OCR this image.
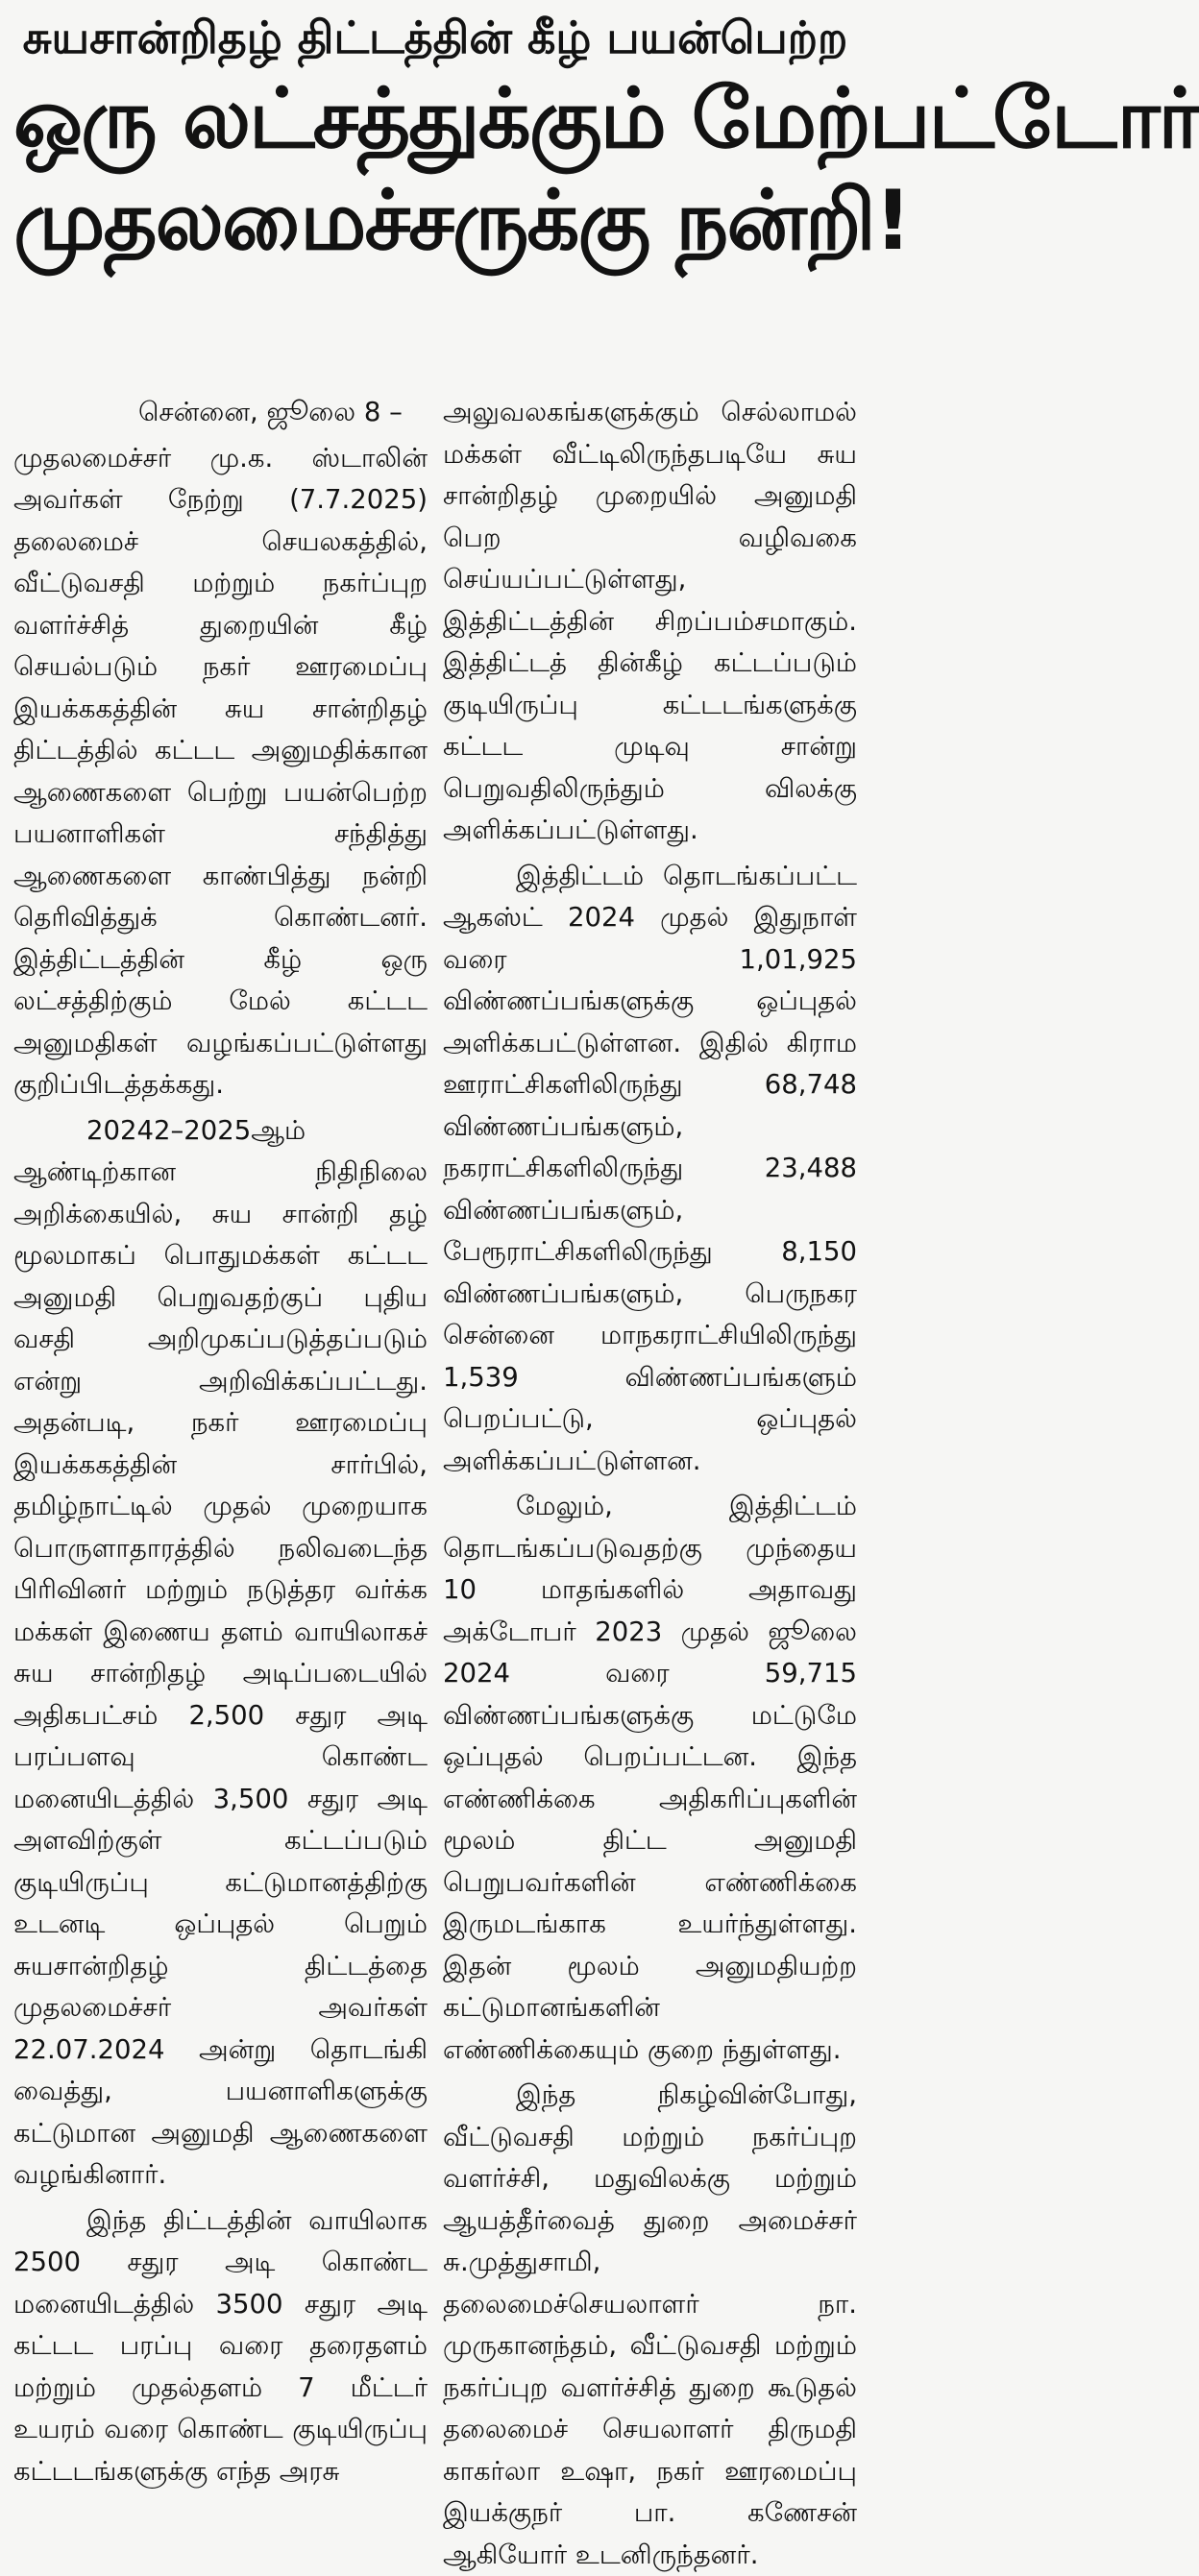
சுயசான்றிதழ் திட்டத்தின் கீழ் பயன்பெற்ற
ஒரு லட்சத்துக்கும் மேற்பட்டோர்
முதலமைச்சருக்கு நன்றி!

சென்னை, ஜூலை 8 –

முதலமைச்சர் மு.க. ஸ்டாலின் அவர்கள் நேற்று (7.7.2025) தலைமைச் செயலகத்தில், வீட்டுவசதி மற்றும் நகர்ப்புற வளர்ச்சித் துறையின் கீழ் செயல்படும் நகர் ஊரமைப்பு இயக்ககத்தின் சுய சான்றிதழ் திட்டத்தில் கட்டட அனுமதிக்கான ஆணைகளை பெற்று பயன்பெற்ற பயனாளிகள் சந்தித்து ஆணைகளை காண்பித்து நன்றி தெரிவித்துக் கொண்டனர். இத்திட்டத்தின் கீழ் ஒரு லட்சத்திற்கும் மேல் கட்டட அனுமதிகள் வழங்கப்பட்டுள்ளது குறிப்பிடத்தக்கது.

20242–2025ஆம் ஆண்டிற்கான நிதிநிலை அறிக்கையில், சுய சான்றி தழ் மூலமாகப் பொதுமக்கள் கட்டட அனுமதி பெறுவதற்குப் புதிய வசதி அறிமுகப்படுத்தப்படும் என்று அறிவிக்கப்பட்டது. அதன்படி, நகர் ஊரமைப்பு இயக்ககத்தின் சார்பில், தமிழ்நாட்டில் முதல் முறையாக பொருளாதாரத்தில் நலிவடைந்த பிரிவினர் மற்றும் நடுத்தர வர்க்க மக்கள் இணைய தளம் வாயிலாகச் சுய சான்றிதழ் அடிப்படையில் அதிகபட்சம் 2,500 சதுர அடி பரப்பளவு கொண்ட மனையிடத்தில் 3,500 சதுர அடி அளவிற்குள் கட்டப்படும் குடியிருப்பு கட்டுமானத்திற்கு உடனடி ஒப்புதல் பெறும் சுயசான்றிதழ் திட்டத்தை முதலமைச்சர் அவர்கள் 22.07.2024 அன்று தொடங்கி வைத்து, பயனாளிகளுக்கு கட்டுமான அனுமதி ஆணைகளை வழங்கினார்.

இந்த திட்டத்தின் வாயிலாக 2500 சதுர அடி கொண்ட மனையிடத்தில் 3500 சதுர அடி கட்டட பரப்பு வரை தரைதளம் மற்றும் முதல்தளம் 7 மீட்டர் உயரம் வரை கொண்ட குடியிருப்பு கட்டடங்களுக்கு எந்த அரசு

அலுவலகங்களுக்கும் செல்லாமல் மக்கள் வீட்டிலிருந்தபடியே சுய சான்றிதழ் முறையில் அனுமதி பெற வழிவகை செய்யப்பட்டுள்ளது, இத்திட்டத்தின் சிறப்பம்சமாகும். இத்திட்டத் தின்கீழ் கட்டப்படும் குடியிருப்பு கட்டடங்களுக்கு கட்டட முடிவு சான்று பெறுவதிலிருந்தும் விலக்கு அளிக்கப்பட்டுள்ளது.

இத்திட்டம் தொடங்கப்பட்ட ஆகஸ்ட் 2024 முதல் இதுநாள் வரை 1,01,925 விண்ணப்பங்களுக்கு ஒப்புதல் அளிக்கபட்டுள்ளன. இதில் கிராம ஊராட்சிகளிலிருந்து 68,748 விண்ணப்பங்களும், நகராட்சிகளிலிருந்து 23,488 விண்ணப்பங்களும், பேரூராட்சிகளிலிருந்து 8,150 விண்ணப்பங்களும், பெருநகர சென்னை மாநகராட்சியிலிருந்து 1,539 விண்ணப்பங்களும் பெறப்பட்டு, ஒப்புதல் அளிக்கப்பட்டுள்ளன.

மேலும், இத்திட்டம் தொடங்கப்படுவதற்கு முந்தைய 10 மாதங்களில் அதாவது அக்டோபர் 2023 முதல் ஜூலை 2024 வரை 59,715 விண்ணப்பங்களுக்கு மட்டுமே ஒப்புதல் பெறப்பட்டன. இந்த எண்ணிக்கை அதிகரிப்புகளின் மூலம் திட்ட அனுமதி பெறுபவர்களின் எண்ணிக்கை இருமடங்காக உயர்ந்துள்ளது. இதன் மூலம் அனுமதியற்ற கட்டுமானங்களின் எண்ணிக்கையும் குறை ந்துள்ளது.

இந்த நிகழ்வின்போது, வீட்டுவசதி மற்றும் நகர்ப்புற வளர்ச்சி, மதுவிலக்கு மற்றும் ஆயத்தீர்வைத் துறை அமைச்சர் சு.முத்துசாமி, தலைமைச்செயலாளர் நா. முருகானந்தம், வீட்டுவசதி மற்றும் நகர்ப்புற வளர்ச்சித் துறை கூடுதல் தலைமைச் செயலாளர் திருமதி காகர்லா உஷா, நகர் ஊரமைப்பு இயக்குநர் பா. கணேசன் ஆகியோர் உடனிருந்தனர்.
